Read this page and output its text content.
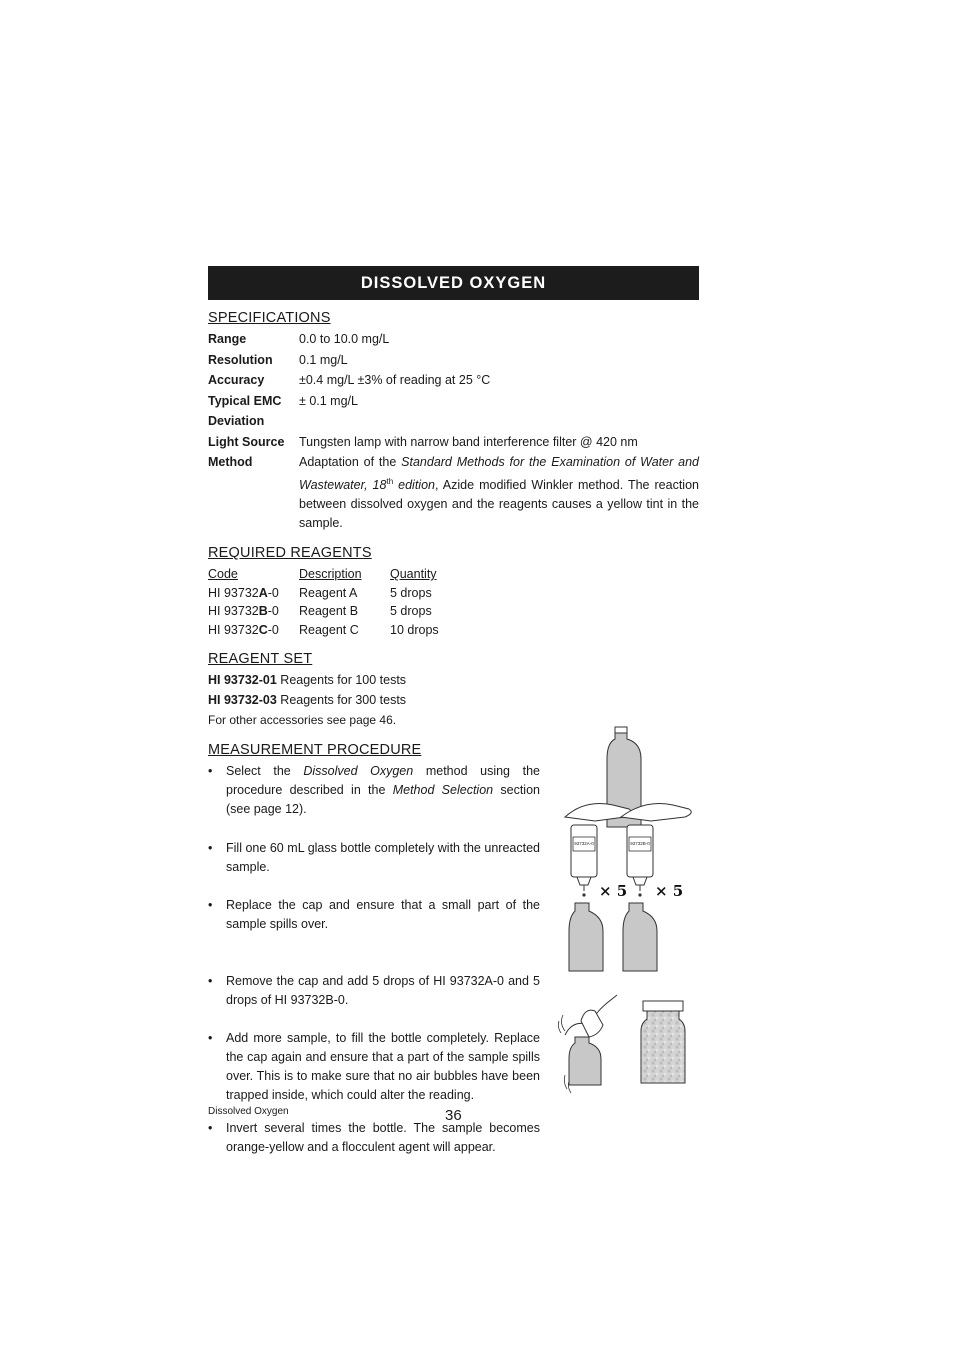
DISSOLVED OXYGEN
SPECIFICATIONS
Range	0.0 to 10.0 mg/L
Resolution	0.1 mg/L
Accuracy	±0.4 mg/L ±3% of reading at 25 °C
Typical EMC	± 0.1 mg/L
Deviation
Light Source	Tungsten lamp with narrow band interference filter @ 420 nm
Method	Adaptation of the Standard Methods for the Examination of Water and Wastewater, 18th edition, Azide modified Winkler method. The reaction between dissolved oxygen and the reagents causes a yellow tint in the sample.
REQUIRED REAGENTS
Code	Description	Quantity
HI 93732A-0	Reagent A	5 drops
HI 93732B-0	Reagent B	5 drops
HI 93732C-0	Reagent C	10 drops
REAGENT SET
HI 93732-01 Reagents for 100 tests
HI 93732-03 Reagents for 300 tests
For other accessories see page 46.
MEASUREMENT PROCEDURE
•	Select the Dissolved Oxygen method using the procedure described in the Method Selection section (see page 12).
•	Fill one 60 mL glass bottle completely with the unreacted sample.
•	Replace the cap and ensure that a small part of the sample spills over.
•	Remove the cap and add 5 drops of HI 93732A-0 and 5 drops of HI 93732B-0.
•	Add more sample, to fill the bottle completely. Replace the cap again and ensure that a part of the sample spills over. This is to make sure that no air bubbles have been trapped inside, which could alter the reading.
•	Invert several times the bottle. The sample becomes orange-yellow and a flocculent agent will appear.
93732A-0	93732B-0
× 5 × 5
Dissolved Oxygen	36
